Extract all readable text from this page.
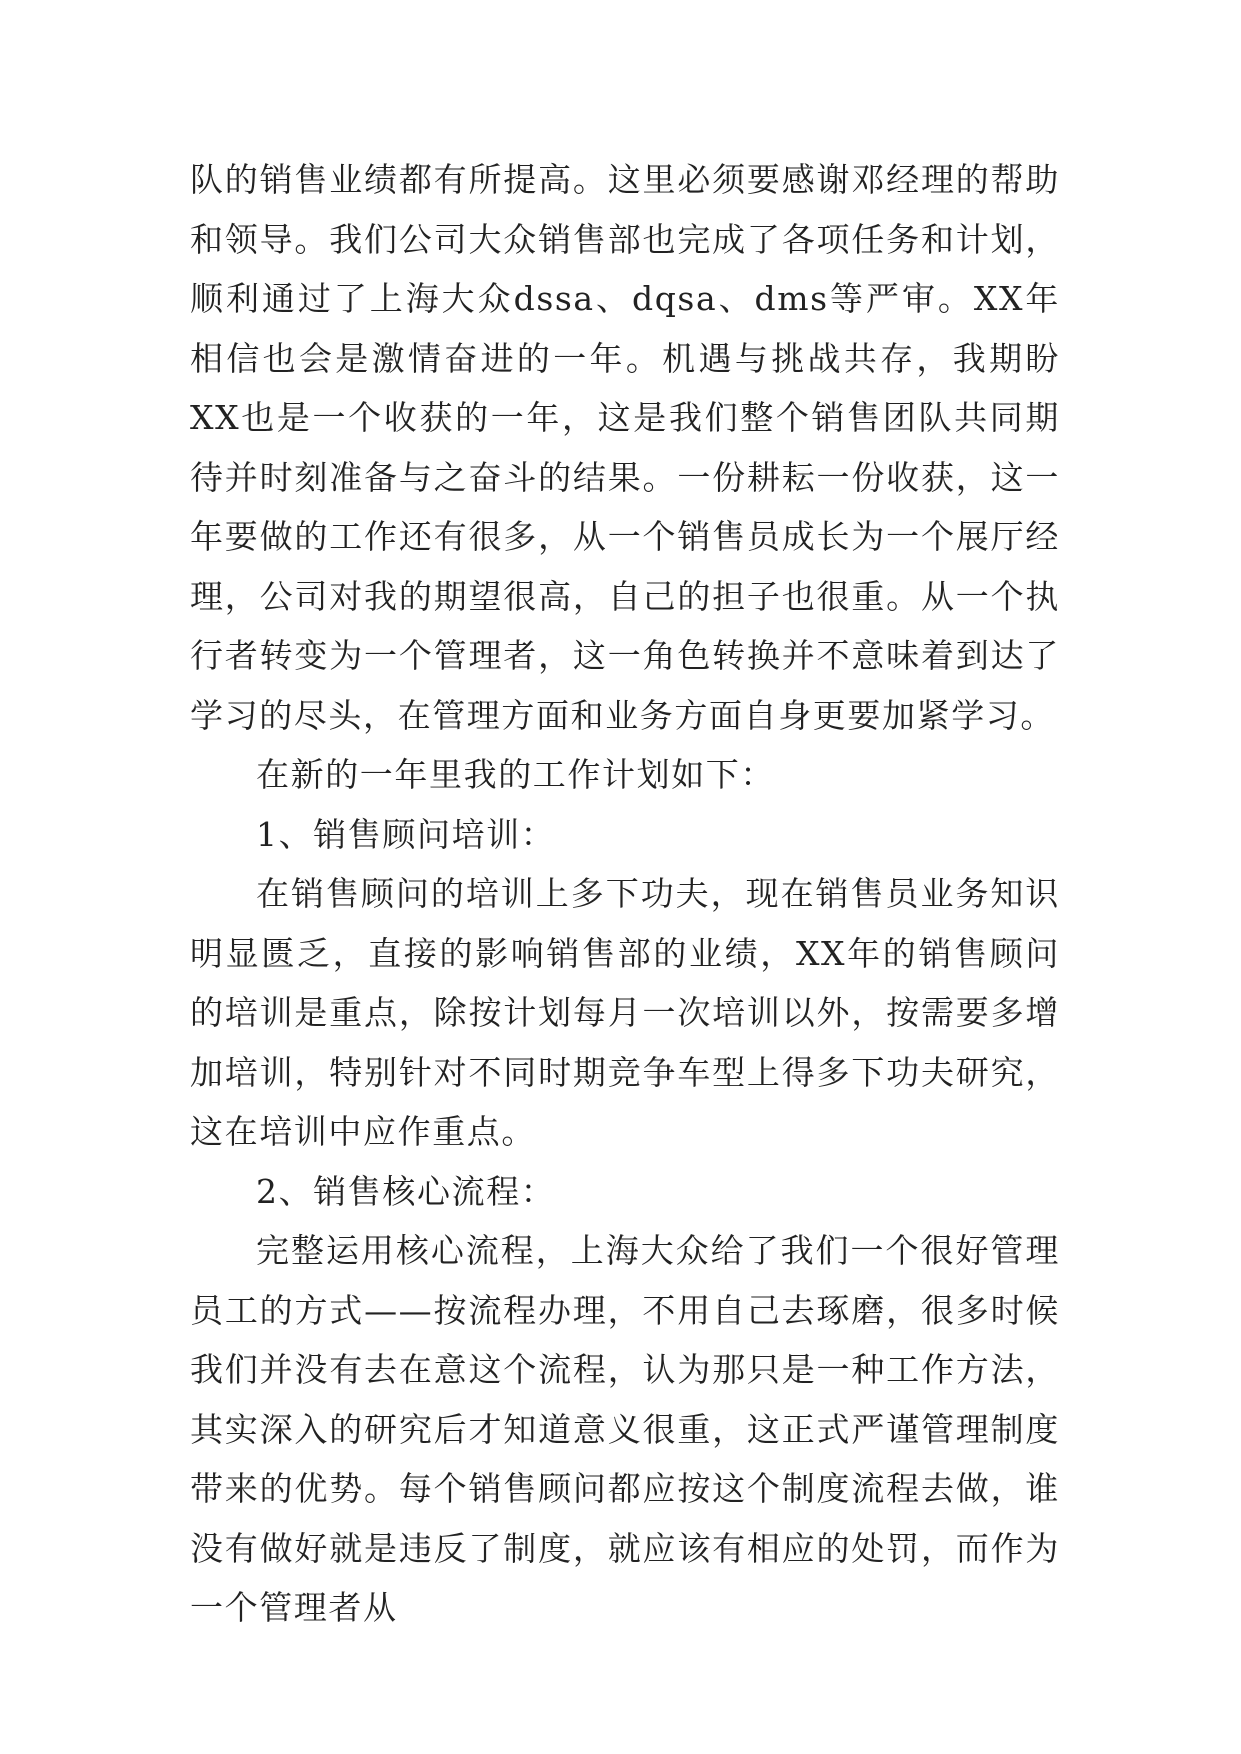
队的销售业绩都有所提高。这里必须要感谢邓经理的帮助和领导。我们公司大众销售部也完成了各项任务和计划，顺利通过了上海大众dssa、dqsa、dms等严审。XX年相信也会是激情奋进的一年。机遇与挑战共存，我期盼XX也是一个收获的一年，这是我们整个销售团队共同期待并时刻准备与之奋斗的结果。一份耕耘一份收获，这一年要做的工作还有很多，从一个销售员成长为一个展厅经理，公司对我的期望很高，自己的担子也很重。从一个执行者转变为一个管理者，这一角色转换并不意味着到达了学习的尽头，在管理方面和业务方面自身更要加紧学习。

在新的一年里我的工作计划如下：

1、销售顾问培训：

在销售顾问的培训上多下功夫，现在销售员业务知识明显匮乏，直接的影响销售部的业绩，XX年的销售顾问的培训是重点，除按计划每月一次培训以外，按需要多增加培训，特别针对不同时期竞争车型上得多下功夫研究，这在培训中应作重点。

2、销售核心流程：

完整运用核心流程，上海大众给了我们一个很好管理员工的方式——按流程办理，不用自己去琢磨，很多时候我们并没有去在意这个流程，认为那只是一种工作方法，其实深入的研究后才知道意义很重，这正式严谨管理制度带来的优势。每个销售顾问都应按这个制度流程去做，谁没有做好就是违反了制度，就应该有相应的处罚，而作为一个管理者从
